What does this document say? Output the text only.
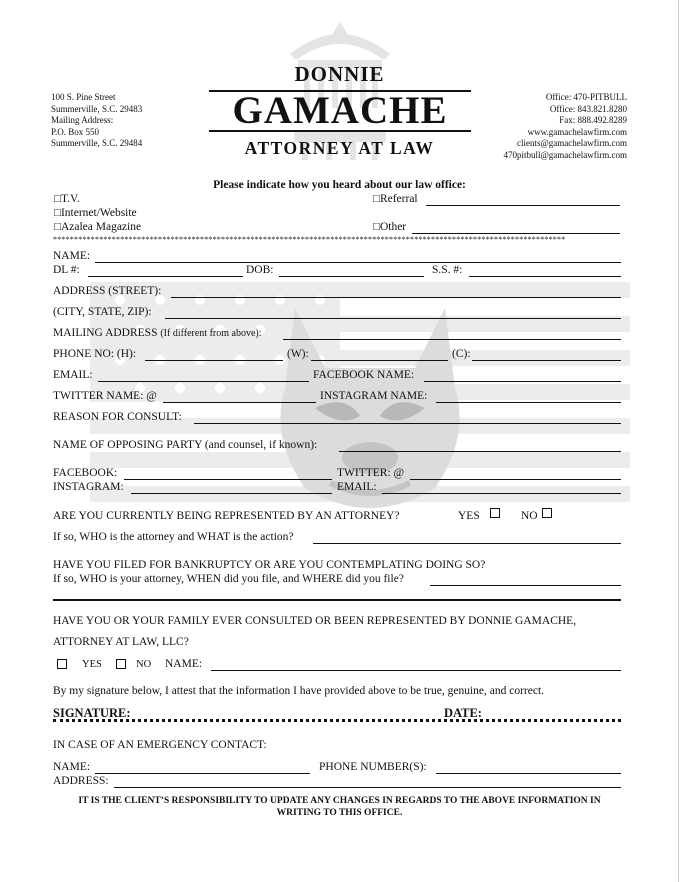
100 S. Pine Street
Summerville, S.C. 29483
Mailing Address:
P.O. Box 550
Summerville, S.C. 29484
DONNIE
GAMACHE
ATTORNEY AT LAW
Office: 470-PITBULL
Office: 843.821.8280
Fax: 888.492.8289
www.gamachelawfirm.com
clients@gamachelawfirm.com
470pitbull@gamachelawfirm.com
Please indicate how you heard about our law office:
□T.V.
□Internet/Website
□Azalea Magazine
□Referral
□Other
**************************************************************************************************************************
NAME:
DL #:	DOB:	S.S. #:
ADDRESS (STREET):
(CITY, STATE, ZIP):
MAILING ADDRESS (If different from above):
PHONE NO: (H):	(W):	(C):
EMAIL:	FACEBOOK NAME:
TWITTER NAME: @	INSTAGRAM NAME:
REASON FOR CONSULT:
NAME OF OPPOSING PARTY (and counsel, if known):
FACEBOOK:	TWITTER: @
INSTAGRAM:	EMAIL:
ARE YOU CURRENTLY BEING REPRESENTED BY AN ATTORNEY?	YES	NO
If so, WHO is the attorney and WHAT is the action?
HAVE YOU FILED FOR BANKRUPTCY OR ARE YOU CONTEMPLATING DOING SO?
If so, WHO is your attorney, WHEN did you file, and WHERE did you file?
HAVE YOU OR YOUR FAMILY EVER CONSULTED OR BEEN REPRESENTED BY DONNIE GAMACHE,
ATTORNEY AT LAW, LLC?
YES	NO NAME:
By my signature below, I attest that the information I have provided above to be true, genuine, and correct.
SIGNATURE:	DATE:
IN CASE OF AN EMERGENCY CONTACT:
NAME:	PHONE NUMBER(S):
ADDRESS:
IT IS THE CLIENT’S RESPONSIBILITY TO UPDATE ANY CHANGES IN REGARDS TO THE ABOVE INFORMATION IN
WRITING TO THIS OFFICE.
